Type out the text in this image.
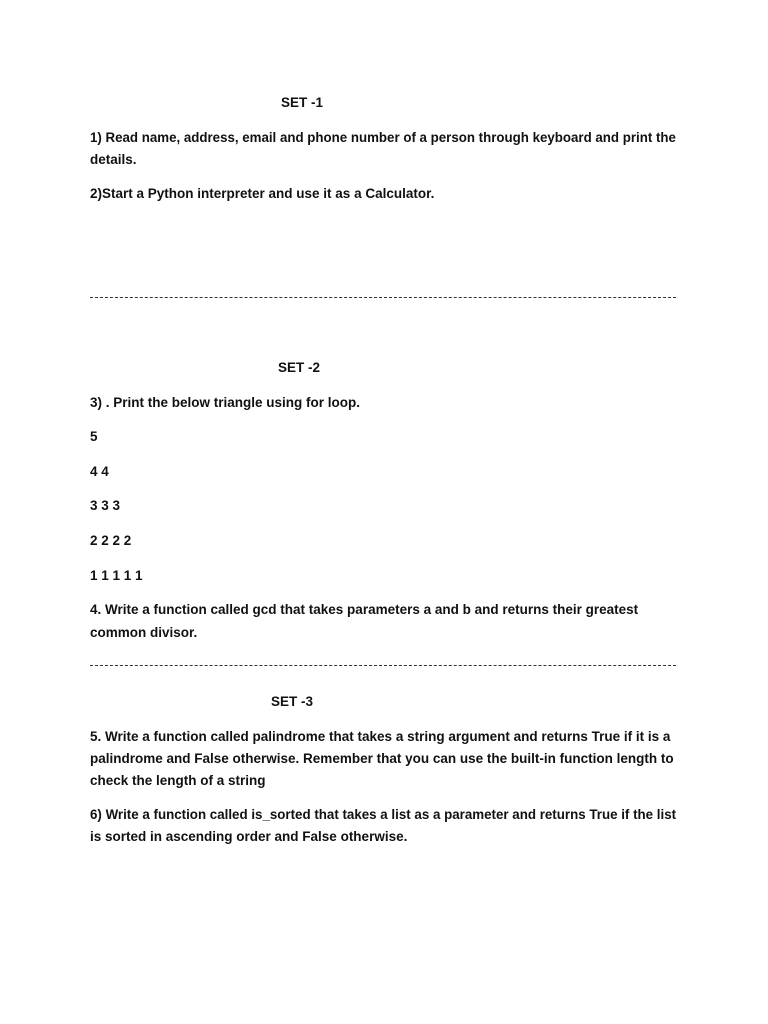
SET -1

1) Read name, address, email and phone number of a person through keyboard and print the

details.

2)Start a Python interpreter and use it as a Calculator.

SET -2

3) . Print the below triangle using for loop.

5

4 4

3 3 3

2 2 2 2

1 1 1 1 1

4. Write a function called gcd that takes parameters a and b and returns their greatest

common divisor.

SET -3

5. Write a function called palindrome that takes a string argument and returns True if it is a

palindrome and False otherwise. Remember that you can use the built-in function length to

check the length of a string

6) Write a function called is_sorted that takes a list as a parameter and returns True if the list

is sorted in ascending order and False otherwise.
